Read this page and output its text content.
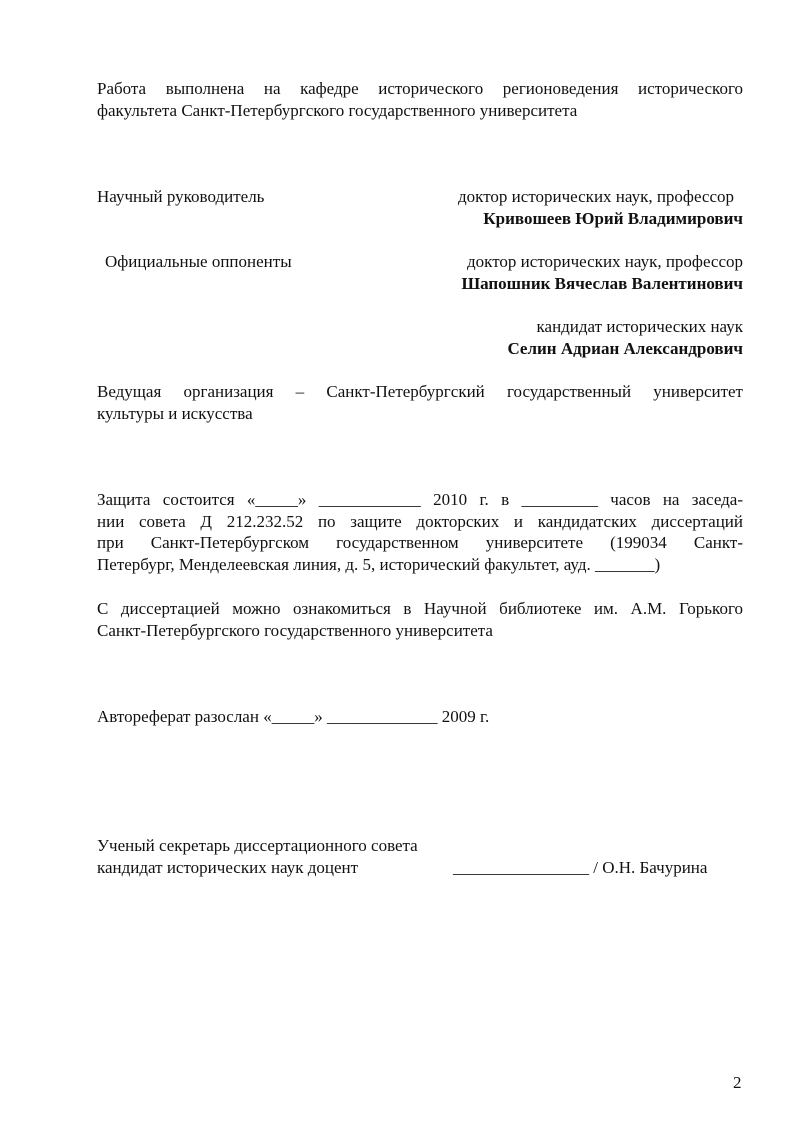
Работа выполнена на кафедре исторического регионоведения исторического
факультета Санкт-Петербургского государственного университета
Научный руководитель	доктор исторических наук, профессор
Кривошеев Юрий Владимирович
Официальные оппоненты	доктор исторических наук, профессор
Шапошник Вячеслав Валентинович
кандидат исторических наук
Селин Адриан Александрович
Ведущая организация – Санкт-Петербургский государственный университет
культуры и искусства
Защита состоится «_____» ____________ 2010 г. в _________ часов на заседа-
нии совета Д 212.232.52 по защите докторских и кандидатских диссертаций
при Санкт-Петербургском государственном университете (199034 Санкт-
Петербург, Менделеевская линия, д. 5, исторический факультет, ауд. _______)
С диссертацией можно ознакомиться в Научной библиотеке им. А.М. Горького
Санкт-Петербургского государственного университета
Автореферат разослан «_____» _____________ 2009 г.
Ученый секретарь диссертационного совета
кандидат исторических наук доцент	________________ / О.Н. Бачурина
2
